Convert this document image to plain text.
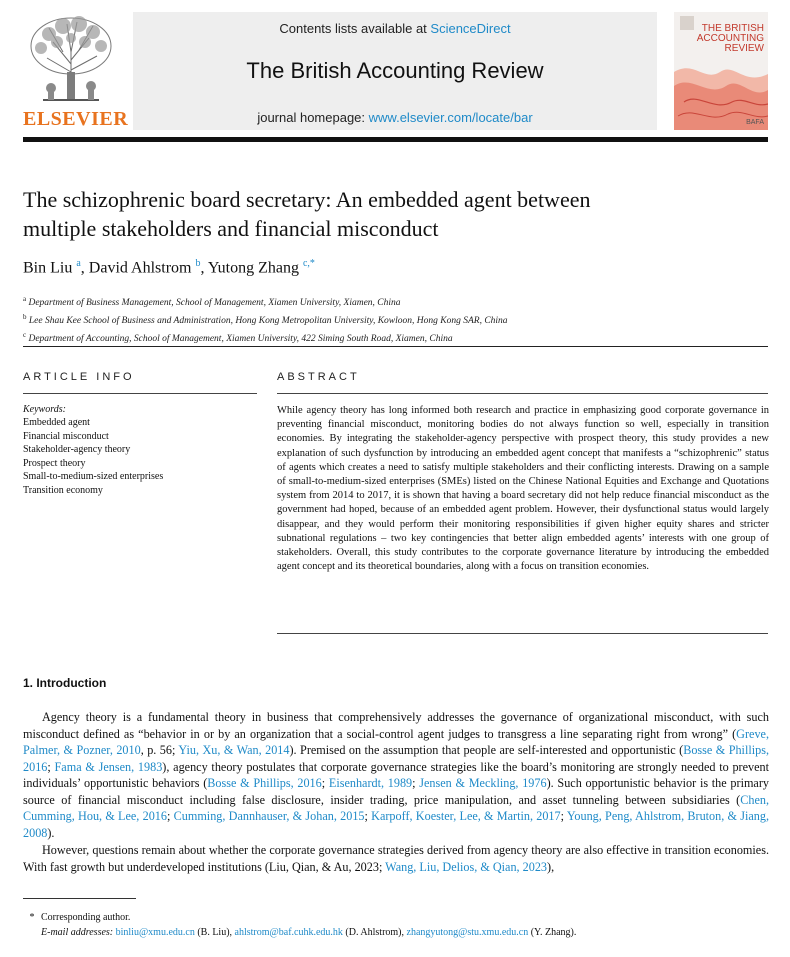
ELSEVIER
Contents lists available at ScienceDirect
The British Accounting Review
journal homepage: www.elsevier.com/locate/bar
THE BRITISH
ACCOUNTING
REVIEW
BAFA
The schizophrenic board secretary: An embedded agent between
multiple stakeholders and financial misconduct
Bin Liu $^a$, David Ahlstrom $^b$, Yutong Zhang $^{c,*}$
$^a$ Department of Business Management, School of Management, Xiamen University, Xiamen, China
$^b$ Lee Shau Kee School of Business and Administration, Hong Kong Metropolitan University, Kowloon, Hong Kong SAR, China
$^c$ Department of Accounting, School of Management, Xiamen University, 422 Siming South Road, Xiamen, China
ARTICLE INFO
Keywords:
Embedded agent
Financial misconduct
Stakeholder-agency theory
Prospect theory
Small-to-medium-sized enterprises
Transition economy
ABSTRACT

While agency theory has long informed both research and practice in emphasizing good corporate governance in preventing financial misconduct, monitoring bodies do not always function so well, especially in transition economies. By integrating the stakeholder-agency perspective with prospect theory, this study provides a new explanation of such dysfunction by introducing an embedded agent concept that manifests a “schizophrenic” status of agents which creates a need to satisfy multiple stakeholders and their conflicting interests. Drawing on a sample of small-to-medium-sized enterprises (SMEs) listed on the Chinese National Equities and Exchange and Quotations system from 2014 to 2017, it is shown that having a board secretary did not help reduce financial misconduct as the government had hoped, because of an embedded agent problem. However, their dysfunctional status would largely disappear, and they would perform their monitoring responsibilities if given higher equity shares and stricter subnational regulations – two key contingencies that better align embedded agents’ interests with one group of stakeholders. Overall, this study contributes to the corporate governance literature by introducing the embedded agent concept and its theoretical boundaries, along with a focus on transition economies.

1. Introduction

Agency theory is a fundamental theory in business that comprehensively addresses the governance of organizational misconduct, with such misconduct defined as “behavior in or by an organization that a social-control agent judges to transgress a line separating right from wrong” (Greve, Palmer, & Pozner, 2010, p. 56; Yiu, Xu, & Wan, 2014). Premised on the assumption that people are self-interested and opportunistic (Bosse & Phillips, 2016; Fama & Jensen, 1983), agency theory postulates that corporate governance strategies like the board’s monitoring are strongly needed to prevent individuals’ opportunistic behaviors (Bosse & Phillips, 2016; Eisenhardt, 1989; Jensen & Meckling, 1976). Such opportunistic behavior is the primary source of financial misconduct including false disclosure, insider trading, price manipulation, and asset tunneling between subsidiaries (Chen, Cumming, Hou, & Lee, 2016; Cumming, Dannhauser, & Johan, 2015; Karpoff, Koester, Lee, & Martin, 2017; Young, Peng, Ahlstrom, Bruton, & Jiang, 2008).

However, questions remain about whether the corporate governance strategies derived from agency theory are also effective in transition economies. With fast growth but underdeveloped institutions (Liu, Qian, & Au, 2023; Wang, Liu, Delios, & Qian, 2023),

* Corresponding author.
E-mail addresses: binliu@xmu.edu.cn (B. Liu), ahlstrom@baf.cuhk.edu.hk (D. Ahlstrom), zhangyutong@stu.xmu.edu.cn (Y. Zhang).
